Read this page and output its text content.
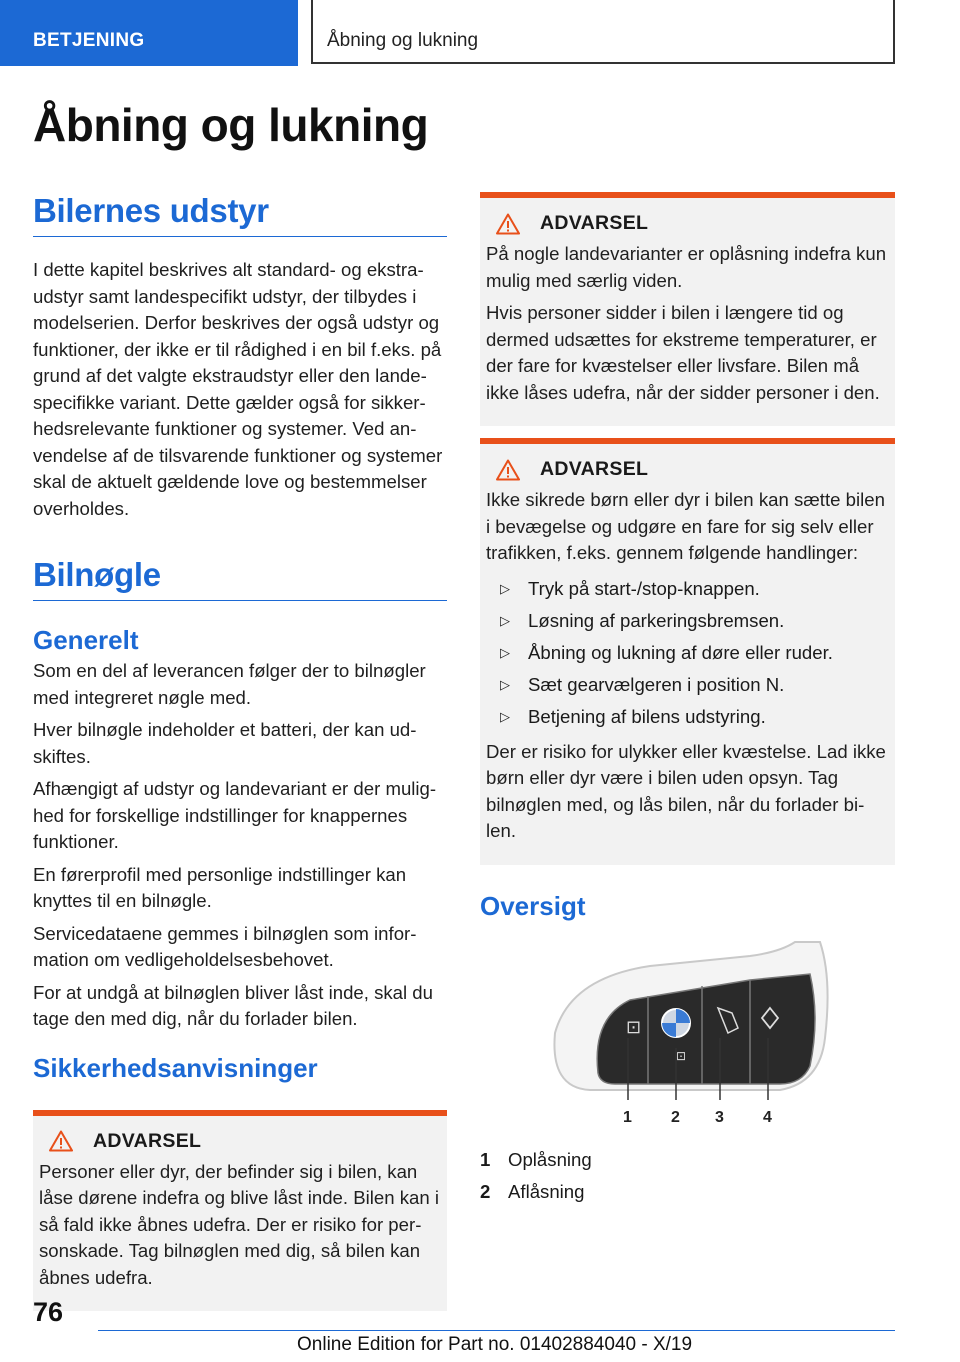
BETJENING	Åbning og lukning
Åbning og lukning
Bilernes udstyr

I dette kapitel beskrives alt standard- og ekstraudstyr samt landespecifikt udstyr, der tilbydes i modelserien. Derfor beskrives der også udstyr og funktioner, der ikke er til rådighed i en bil f.eks. på grund af det valgte ekstraudstyr eller den landespecifikke variant. Dette gælder også for sikkerhedsrelevante funktioner og systemer. Ved anvendelse af de tilsvarende funktioner og systemer skal de aktuelt gældende love og bestemmelser overholdes.

Bilnøgle
Generelt

Som en del af leverancen følger der to bilnøgler med integreret nøgle med.

Hver bilnøgle indeholder et batteri, der kan udskiftes.

Afhængigt af udstyr og landevariant er der mulighed for forskellige indstillinger for knappernes funktioner.

En førerprofil med personlige indstillinger kan knyttes til en bilnøgle.

Servicedataene gemmes i bilnøglen som information om vedligeholdelsesbehovet.

For at undgå at bilnøglen bliver låst inde, skal du tage den med dig, når du forlader bilen.

Sikkerhedsanvisninger
ADVARSEL

Personer eller dyr, der befinder sig i bilen, kan låse dørene indefra og blive låst inde. Bilen kan i så fald ikke åbnes udefra. Der er risiko for personskade. Tag bilnøglen med dig, så bilen kan åbnes udefra.

ADVARSEL

På nogle landevarianter er oplåsning indefra kun mulig med særlig viden.

Hvis personer sidder i bilen i længere tid og dermed udsættes for ekstreme temperaturer, er der fare for kvæstelser eller livsfare. Bilen må ikke låses udefra, når der sidder personer i den.

ADVARSEL

Ikke sikrede børn eller dyr i bilen kan sætte bilen i bevægelse og udgøre en fare for sig selv eller trafikken, f.eks. gennem følgende handlinger:

▷ Tryk på start-/stop-knappen.
▷ Løsning af parkeringsbremsen.
▷ Åbning og lukning af døre eller ruder.
▷ Sæt gearvælgeren i position N.
▷ Betjening af bilens udstyring.

Der er risiko for ulykker eller kvæstelse. Lad ikke børn eller dyr være i bilen uden opsyn. Tag bilnøglen med, og lås bilen, når du forlader bilen.

Oversigt
⊡
⊡
1 2 3 4
1 Oplåsning
2 Aflåsning
76
Online Edition for Part no. 01402884040 - X/19
